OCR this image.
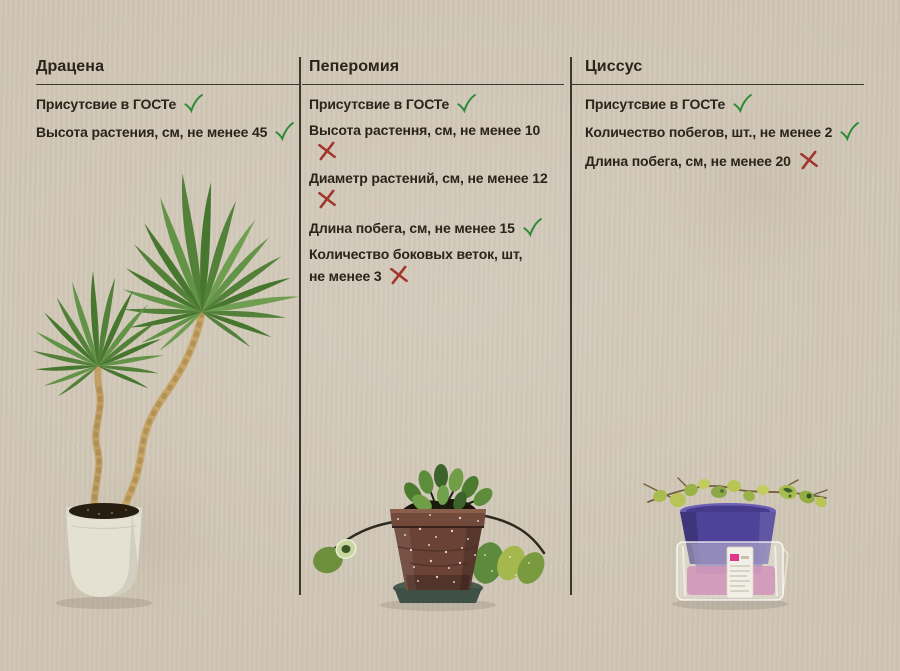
Драцена
Присутсвие в ГОСТе
Высота растения, см, не менее 45
Пеперомия
Присутсвие в ГОСТе
Высота растення, см, не менее 10
Диаметр растений, см, не менее 12
Длина побега, см, не менее 15
Количество боковых веток, шт, не менее 3
Циссус
Присутсвие в ГОСТе
Количество побегов, шт., не менее 2
Длина побега, см, не менее 20
